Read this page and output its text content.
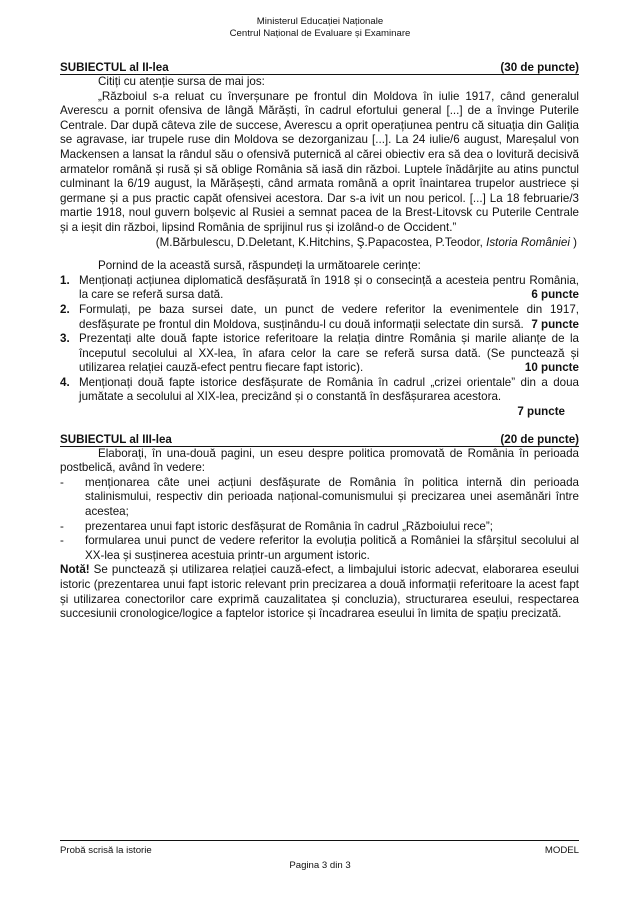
Ministerul Educației Naționale
Centrul Național de Evaluare și Examinare
SUBIECTUL al II-lea	(30 de puncte)

Citiți cu atenție sursa de mai jos:

„Războiul s-a reluat cu înverșunare pe frontul din Moldova în iulie 1917, când generalul Averescu a pornit ofensiva de lângă Mărăști, în cadrul efortului general [...] de a învinge Puterile Centrale. Dar după câteva zile de succese, Averescu a oprit operațiunea pentru că situația din Galiția se agravase, iar trupele ruse din Moldova se dezorganizau [...]. La 24 iulie/6 august, Mareșalul von Mackensen a lansat la rândul său o ofensivă puternică al cărei obiectiv era să dea o lovitură decisivă armatelor română și rusă și să oblige România să iasă din război. Luptele înădârjite au atins punctul culminant la 6/19 august, la Mărășești, când armata română a oprit înaintarea trupelor austriece și germane și a pus practic capăt ofensivei acestora. Dar s-a ivit un nou pericol. [...] La 18 februarie/3 martie 1918, noul guvern bolșevic al Rusiei a semnat pacea de la Brest-Litovsk cu Puterile Centrale și a ieșit din război, lipsind România de sprijinul rus și izolând-o de Occident.”

(M.Bărbulescu, D.Deletant, K.Hitchins, Ş.Papacostea, P.Teodor, Istoria României )

Pornind de la această sursă, răspundeți la următoarele cerințe:

1. Menționați acțiunea diplomatică desfășurată în 1918 și o consecință a acesteia pentru România, la care se referă sursa dată.	6 puncte

2. Formulați, pe baza sursei date, un punct de vedere referitor la evenimentele din 1917, desfășurate pe frontul din Moldova, susținându-l cu două informații selectate din sursă. 7 puncte

3. Prezentați alte două fapte istorice referitoare la relația dintre România și marile alianțe de la începutul secolului al XX-lea, în afara celor la care se referă sursa dată. (Se punctează și utilizarea relației cauză-efect pentru fiecare fapt istoric).	10 puncte

4. Menționați două fapte istorice desfășurate de România în cadrul „crizei orientale” din a doua jumătate a secolului al XIX-lea, precizând și o constantă în desfășurarea acestora.

7 puncte

SUBIECTUL al III-lea	(20 de puncte)

Elaborați, în una-două pagini, un eseu despre politica promovată de România în perioada postbelică, având în vedere:

-	menționarea câte unei acțiuni desfășurate de România în politica internă din perioada stalinismului, respectiv din perioada național-comunismului și precizarea unei asemănări între acestea;

-	prezentarea unui fapt istoric desfășurat de România în cadrul „Războiului rece”;

-	formularea unui punct de vedere referitor la evoluția politică a României la sfârșitul secolului al XX-lea și susținerea acestuia printr-un argument istoric.

Notă! Se punctează și utilizarea relației cauză-efect, a limbajului istoric adecvat, elaborarea eseului istoric (prezentarea unui fapt istoric relevant prin precizarea a două informații referitoare la acest fapt și utilizarea conectorilor care exprimă cauzalitatea și concluzia), structurarea eseului, respectarea succesiunii cronologice/logice a faptelor istorice și încadrarea eseului în limita de spațiu precizată.

Probă scrisă la istorie	MODEL
Pagina 3 din 3
